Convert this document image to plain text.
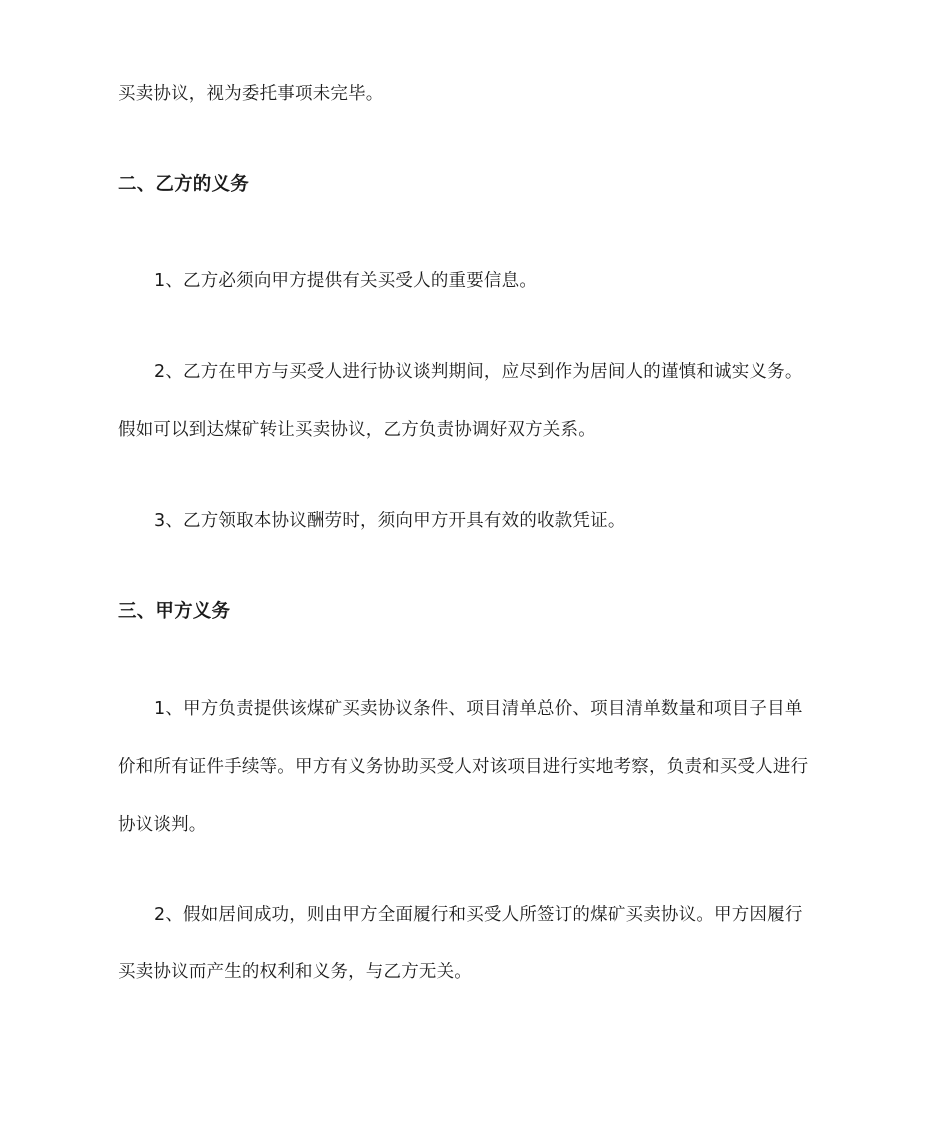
买卖协议，视为委托事项未完毕。

二、乙方的义务

1、乙方必须向甲方提供有关买受人的重要信息。

2、乙方在甲方与买受人进行协议谈判期间，应尽到作为居间人的谨慎和诚实义务。

假如可以到达煤矿转让买卖协议，乙方负责协调好双方关系。

3、乙方领取本协议酬劳时，须向甲方开具有效的收款凭证。

三、甲方义务

1、甲方负责提供该煤矿买卖协议条件、项目清单总价、项目清单数量和项目子目单

价和所有证件手续等。甲方有义务协助买受人对该项目进行实地考察，负责和买受人进行

协议谈判。

2、假如居间成功，则由甲方全面履行和买受人所签订的煤矿买卖协议。甲方因履行

买卖协议而产生的权利和义务，与乙方无关。
